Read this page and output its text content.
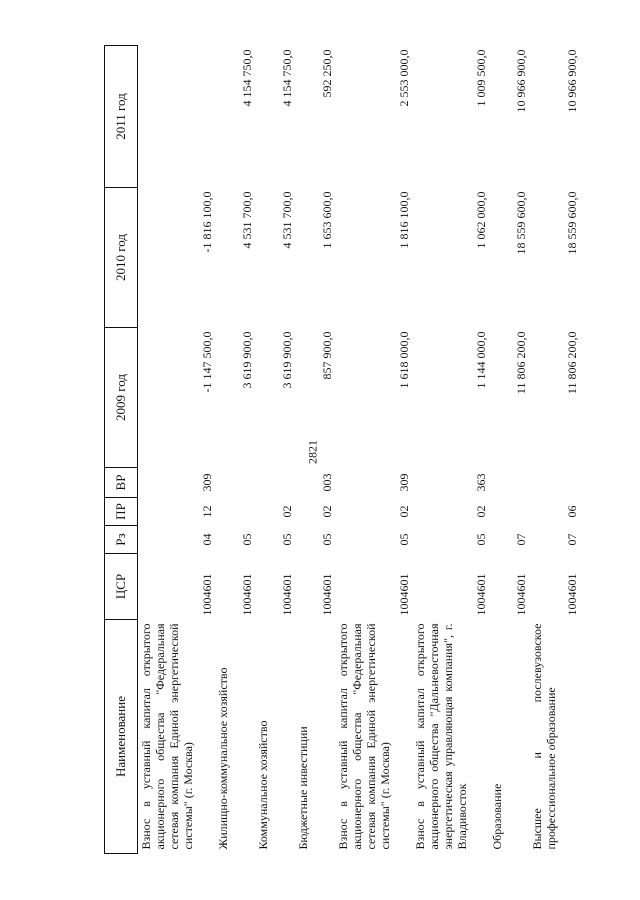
2821
Наименование	ЦСР	Рз	ПР	ВР	2009 год	2010 год	2011 год
Взнос в уставный капитал открытого акционерного общества "Федеральная сетевая компания Единой энергетической системы" (г. Москва)	1004601	04	12	309	-1 147 500,0	-1 816 100,0	
Жилищно-коммунальное хозяйство	1004601	05			3 619 900,0	4 531 700,0	4 154 750,0
Коммунальное хозяйство	1004601	05	02		3 619 900,0	4 531 700,0	4 154 750,0
Бюджетные инвестиции	1004601	05	02	003	857 900,0	1 653 600,0	592 250,0
Взнос в уставный капитал открытого акционерного общества "Федеральная сетевая компания Единой энергетической системы" (г. Москва)	1004601	05	02	309	1 618 000,0	1 816 100,0	2 553 000,0
Взнос в уставный капитал открытого акционерного общества "Дальневосточная энергетическая управляющая компания", г. Владивосток	1004601	05	02	363	1 144 000,0	1 062 000,0	1 009 500,0
Образование	1004601	07			11 806 200,0	18 559 600,0	10 966 900,0
Высшее и послевузовское профессиональное образование	1004601	07	06		11 806 200,0	18 559 600,0	10 966 900,0
